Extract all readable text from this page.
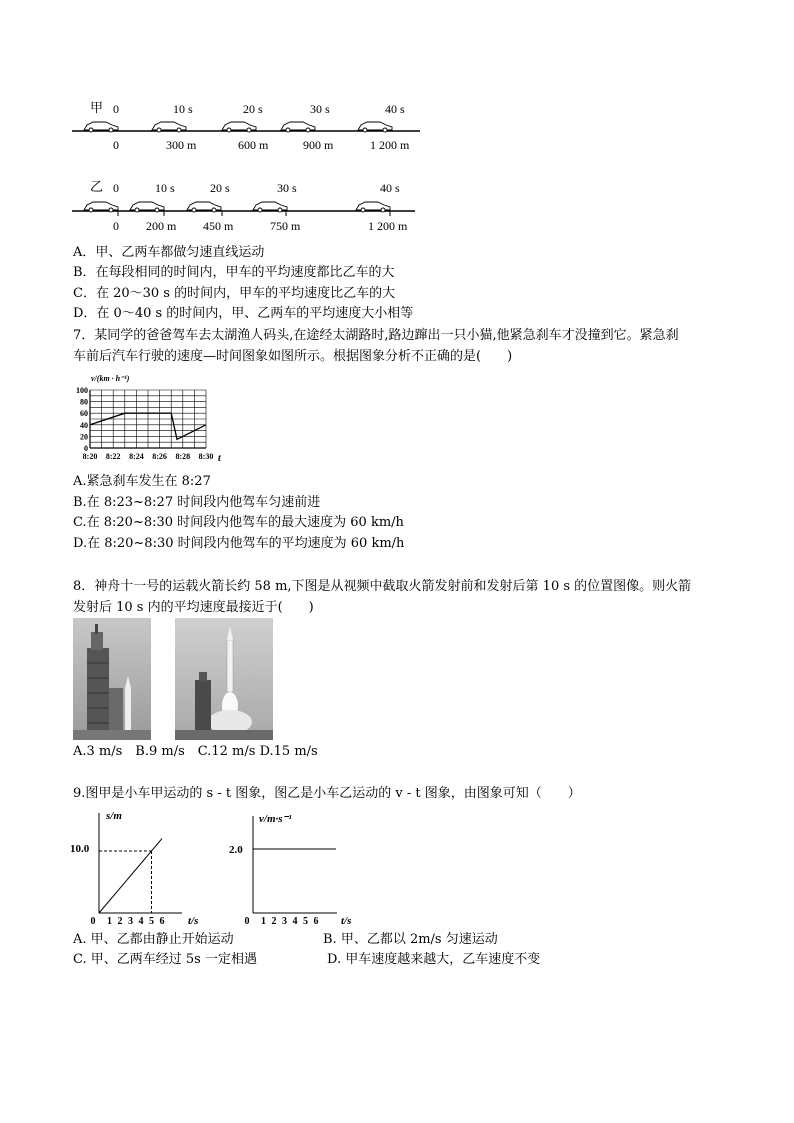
甲 0	10 s	20 s	30 s	40 s
0	300 m	600 m	900 m	1 200 m
乙 0	10 s	20 s	30 s	40 s
0 200 m 450 m	750 m	1 200 m
A．甲、乙两车都做匀速直线运动
B．在每段相同的时间内，甲车的平均速度都比乙车的大
C．在 20～30 s 的时间内，甲车的平均速度比乙车的大
D．在 0～40 s 的时间内，甲、乙两车的平均速度大小相等
7．某同学的爸爸驾车去太湖渔人码头,在途经太湖路时,路边蹿出一只小猫,他紧急刹车才没撞到它。紧急刹
车前后汽车行驶的速度—时间图象如图所示。根据图象分析不正确的是(　　)
v/(km · h⁻¹)
0
20
40
60
80
100
8:20 8:22 8:24 8:26 8:28 8:30 t
A.紧急刹车发生在 8:27
B.在 8:23~8:27 时间段内他驾车匀速前进
C.在 8:20~8:30 时间段内他驾车的最大速度为 60 km/h
D.在 8:20~8:30 时间段内他驾车的平均速度为 60 km/h
8．神舟十一号的运载火箭长约 58 m,下图是从视频中截取火箭发射前和发射后第 10 s 的位置图像。则火箭
发射后 10 s 内的平均速度最接近于(　　)
A.3 m/s　B.9 m/s　C.12 m/s D.15 m/s
9.图甲是小车甲运动的 s - t 图象，图乙是小车乙运动的 v - t 图象，由图象可知（　　）
s/m
10.0
0 1 2 3 4 5 6 t/s
v/m·s⁻¹
2.0
0 1 2 3 4 5 6 t/s
A. 甲、乙都由静止开始运动	B. 甲、乙都以 2m/s 匀速运动
C. 甲、乙两车经过 5s 一定相遇	D. 甲车速度越来越大，乙车速度不变
